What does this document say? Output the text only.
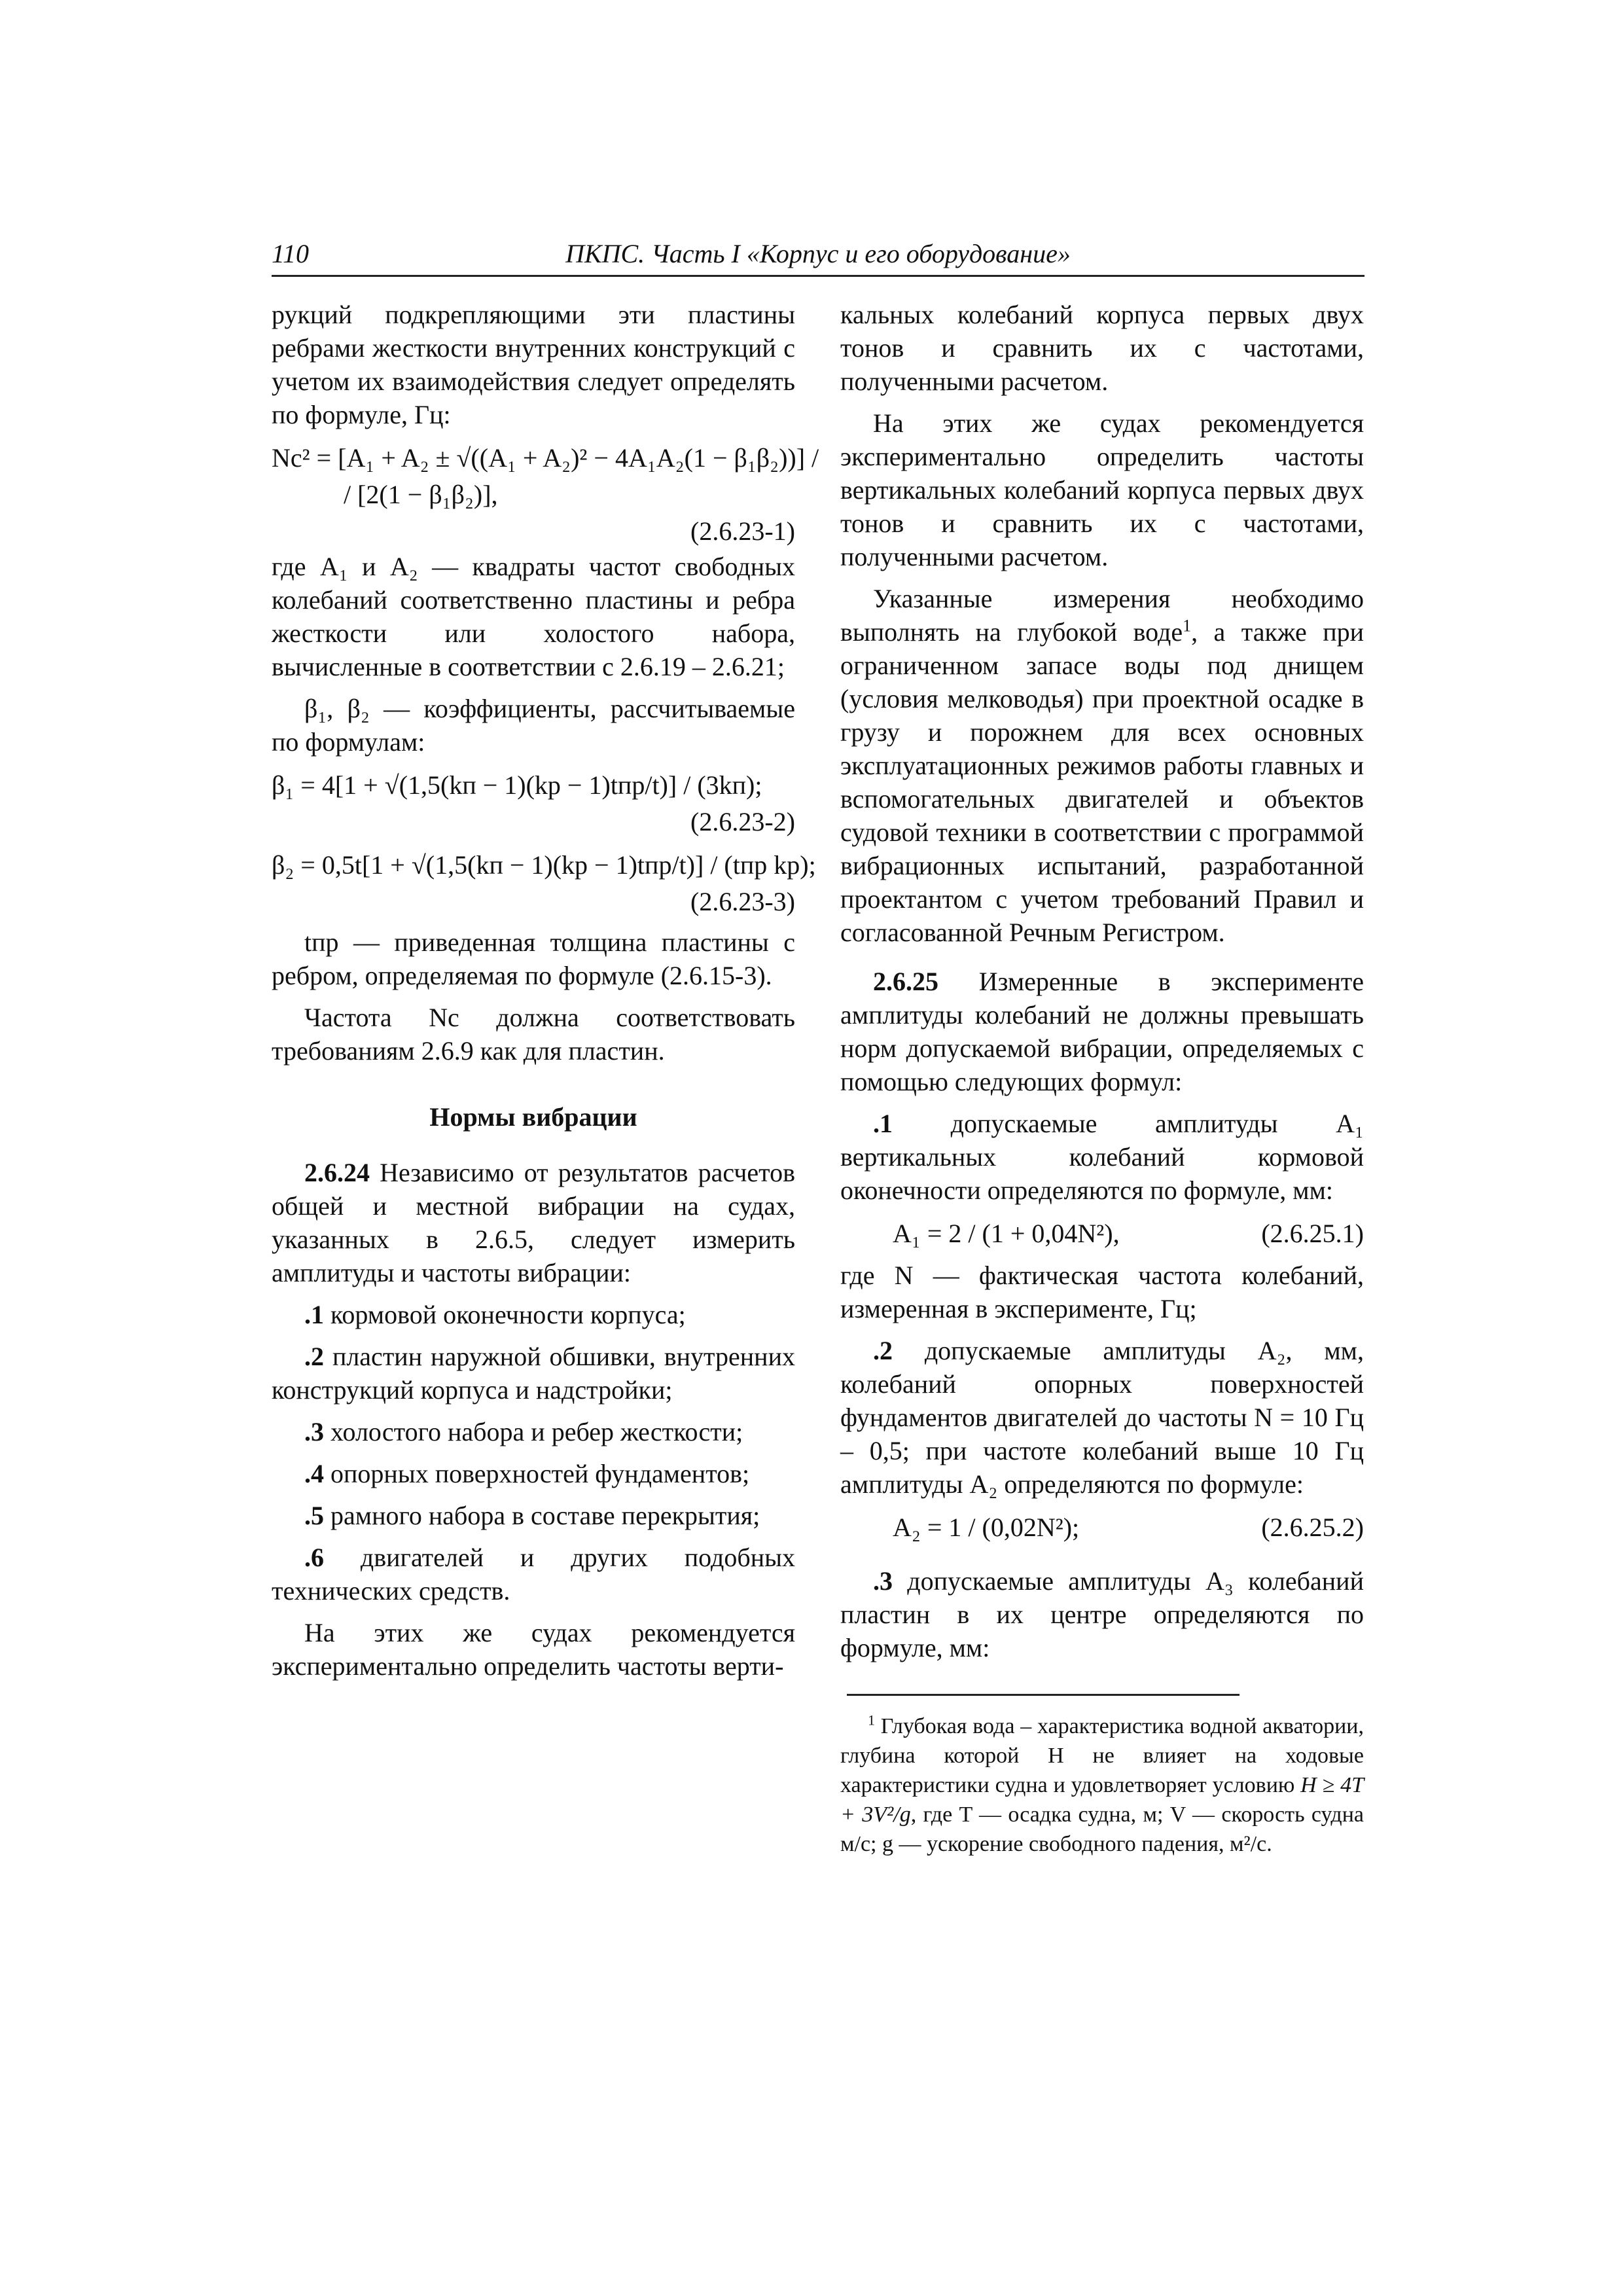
110	ПКПС. Часть I «Корпус и его оборудование»

рукций подкрепляющими эти пластины ребрами жесткости внутренних конструкций с учетом их взаимодействия следует определять по формуле, Гц:

Nc² = [A₁ + A₂ ± √((A₁ + A₂)² − 4A₁A₂(1 − β₁β₂))] /
/ [2(1 − β₁β₂)],
(2.6.23-1)

где A₁ и A₂ — квадраты частот свободных колебаний соответственно пластины и ребра жесткости или холостого набора, вычисленные в соответствии с 2.6.19 – 2.6.21;

β₁, β₂ — коэффициенты, рассчитываемые по формулам:

β₁ = 4[1 + √(1,5(kп − 1)(kр − 1)tпр/t)] / (3kп);
(2.6.23-2)
β₂ = 0,5t[1 + √(1,5(kп − 1)(kр − 1)tпр/t)] / (tпр kр);
(2.6.23-3)

tпр — приведенная толщина пластины с ребром, определяемая по формуле (2.6.15-3).

Частота Nc должна соответствовать требованиям 2.6.9 как для пластин.

Нормы вибрации

2.6.24 Независимо от результатов расчетов общей и местной вибрации на судах, указанных в 2.6.5, следует измерить амплитуды и частоты вибрации:

.1 кормовой оконечности корпуса;

.2 пластин наружной обшивки, внутренних конструкций корпуса и надстройки;

.3 холостого набора и ребер жесткости;

.4 опорных поверхностей фундаментов;

.5 рамного набора в составе перекрытия;

.6 двигателей и других подобных технических средств.

На этих же судах рекомендуется экспериментально определить частоты верти-

кальных колебаний корпуса первых двух тонов и сравнить их с частотами, полученными расчетом.

На этих же судах рекомендуется экспериментально определить частоты вертикальных колебаний корпуса первых двух тонов и сравнить их с частотами, полученными расчетом.

Указанные измерения необходимо выполнять на глубокой воде$^1$, а также при ограниченном запасе воды под днищем (условия мелководья) при проектной осадке в грузу и порожнем для всех основных эксплуатационных режимов работы главных и вспомогательных двигателей и объектов судовой техники в соответствии с программой вибрационных испытаний, разработанной проектантом с учетом требований Правил и согласованной Речным Регистром.

2.6.25 Измеренные в эксперименте амплитуды колебаний не должны превышать норм допускаемой вибрации, определяемых с помощью следующих формул:

.1 допускаемые амплитуды A₁ вертикальных колебаний кормовой оконечности определяются по формуле, мм:

A₁ = 2 / (1 + 0,04N²),	(2.6.25.1)

где N — фактическая частота колебаний, измеренная в эксперименте, Гц;

.2 допускаемые амплитуды A₂, мм, колебаний опорных поверхностей фундаментов двигателей до частоты N = 10 Гц – 0,5; при частоте колебаний выше 10 Гц амплитуды A₂ определяются по формуле:

A₂ = 1 / (0,02N²);	(2.6.25.2)

.3 допускаемые амплитуды A₃ колебаний пластин в их центре определяются по формуле, мм:

$^1$ Глубокая вода – характеристика водной акватории, глубина которой H не влияет на ходовые характеристики судна и удовлетворяет условию H ≥ 4T + 3V²/g, где T — осадка судна, м; V — скорость судна м/с; g — ускорение свободного падения, м²/с.
